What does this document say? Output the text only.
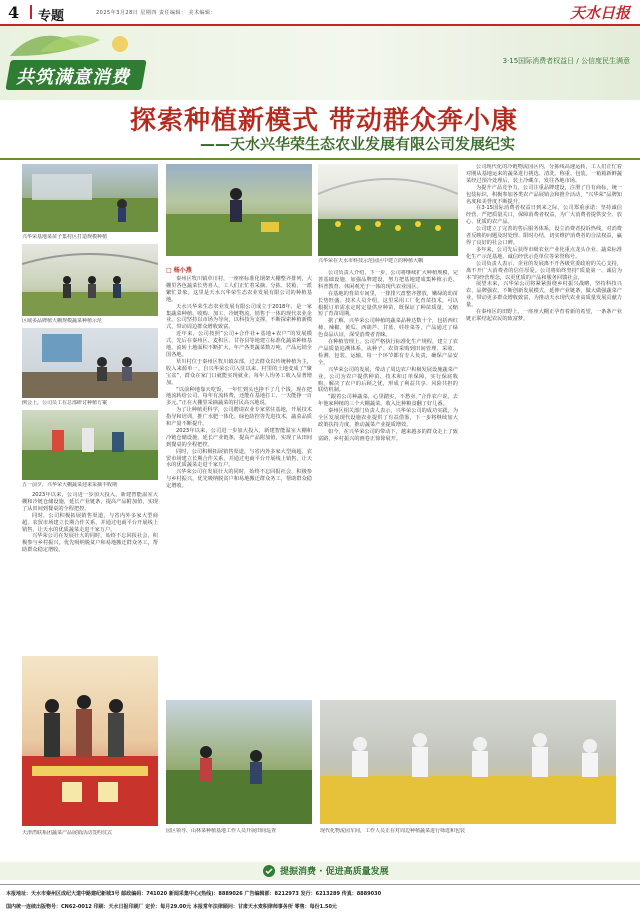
4 专题	2025年3月28日 星期四 责任编辑： 美术编辑：	天水日报
共筑满意消费
3·15国际消费者权益日 / 公信度民生满意
探索种植新模式 带动群众奔小康
——天水兴华荣生态农业发展有限公司发展纪实
兴华荣基地菜苗子集村区打造规模种植
区域多品牌植大棚规模蔬菜种植示范
例会上，公司员工在总部研讨种植方案
五一前夕，兴华荣大棚蔬菜迎来采摘丰收期
天津湾联系团蔬菜产品展销活动签约仪式
兴华荣在天水市科技示范园区中建立的种植大棚
园区领导、山林菜种植基地工作人员开展田间巡查	现代化物流园车间，工作人员正在对周边种植蔬菜进行筛选和包装
□ 杨小燕

秦州区牧川镇草川村，一座座标准化钢架大棚整齐排列，大棚里各色蔬菜长势喜人，工人们正忙着采摘、分拣、装箱，一派繁忙景象。这里是天水兴华荣生态农业发展有限公司的种植基地。

天水兴华荣生态农业发展有限公司成立于2018年，是一家集蔬菜种植、收购、加工、冷链物流、销售于一体的现代农业企业。公司坚持以市场为导向，以科技为支撑，不断探索种植新模式，带动周边群众增收致富。

近年来，公司按照“公司+合作社+基地+农户”的发展模式，先后在秦州区、麦积区、甘谷县等地建立标准化蔬菜种植基地，流转土地面积不断扩大，年产各类蔬菜数万吨，产品远销全国各地。

草川村位于秦州区牧川镇东部，过去群众以传统种植为主，收入来源单一。自兴华荣公司入驻以来，村里的土地变成了“聚宝盆”，群众在家门口就能实现就业，每年人均务工收入显著增加。

“以前种地靠天吃饭，一年忙到头也挣不了几个钱。现在把地流转给公司，每年有流转费，还能在基地打工，一天能挣一百多元。”正在大棚里采摘蔬菜的村民高兴地说。

为了让种植更科学，公司聘请农业专家常驻基地，开展技术指导和培训，推广水肥一体化、绿色防控等先进技术，蔬菜品质和产量不断提升。

2023年以来，公司进一步加大投入，新建智能温室大棚和冷链仓储设施，延长产业链条，提高产品附加值，实现了从田间到餐桌的全程把控。

同时，公司积极拓展销售渠道，与省内外多家大型商超、农贸市场建立长期合作关系，并通过电商平台开展线上销售，让天水的优质蔬菜走进千家万户。

兴华荣公司在发展壮大的同时，始终不忘回报社会，积极参与乡村振兴，优先吸纳脱贫户和易地搬迁群众务工，帮助群众稳定增收。

公司负责人介绍，下一步，公司将继续扩大种植规模，完善基础设施，加强品牌建设，努力把基地建成集种植示范、科普教育、休闲观光于一体的现代农业园区。

在基地的育苗车间里，一排排穴盘整齐摆放，嫩绿的幼苗长势旺盛。技术人员介绍，这里采用工厂化育苗技术，可以根据订单需求定时定量供应种苗，既保证了种苗质量，又缩短了育苗周期。

据了解，兴华荣公司种植的蔬菜品种达数十个，包括西红柿、辣椒、黄瓜、西葫芦、甘蓝、娃娃菜等，产品通过了绿色食品认证，深受消费者青睐。

在种植管理上，公司严格执行标准化生产规程，建立了农产品质量追溯体系，从种子、农资采购到田间管理、采收、检测、包装、运输，每一个环节都有专人负责，确保产品安全。

兴华荣公司的发展，带动了周边农户积极发展设施蔬菜产业。公司为农户提供种苗、技术和订单保障，实行保底收购，解决了农户的后顾之忧，形成了利益共享、风险共担的联结机制。

“跟着公司种蔬菜，心里踏实，不愁卖。”合作农户说，去年他家种植的三个大棚蔬菜，收入比种粮食翻了好几番。

秦州区相关部门负责人表示，兴华荣公司的成功实践，为全区发展现代设施农业提供了有益借鉴，下一步将继续加大政策扶持力度，推动蔬菜产业提质增效。

如今，在兴华荣公司的带动下，越来越多的群众走上了致富路，乡村振兴的画卷正徐徐展开。

公司现代化的冷链物流园区内，分拣线高速运转，工人们正忙着对刚从基地运来的蔬菜进行挑选、清洗、称重、包装。一箱箱新鲜蔬菜经过预冷处理后，装上冷藏车，发往各地市场。

为提升产品竞争力，公司注重品牌建设，注册了自有商标，统一包装标识，积极参加各类农产品展销会和推介活动，“兴华荣”品牌知名度和美誉度不断提升。

在3·15国际消费者权益日到来之际，公司郑重承诺：坚持诚信经营，严把质量关口，保障消费者权益，为广大消费者提供安全、放心、优质的农产品。

公司建立了完善的售后服务体系，设立消费者投诉热线，对消费者反映的问题及时处理、限时办结，切实维护消费者的合法权益，赢得了良好的社会口碑。

多年来，公司先后获得市级农业产业化重点龙头企业、蔬菜标准化生产示范基地、诚信经营示范单位等荣誉称号。

公司负责人表示，企业的发展离不开各级党委政府的关心支持，离不开广大消费者的信任厚爱。公司将始终坚持“质量第一、诚信为本”的经营理念，以更优质的产品和服务回馈社会。

展望未来，兴华荣公司将紧紧围绕乡村振兴战略，坚持科技兴农、品牌强农，不断创新发展模式，延伸产业链条，做大做强蔬菜产业，带动更多群众增收致富，为推动天水现代农业高质量发展贡献力量。

在秦州区的田野上，一座座大棚正孕育着新的希望，一条条产业链正联结起农民的致富梦。

2023年以来，公司进一步加大投入，新建智能温室大棚和冷链仓储设施，延长产业链条，提高产品附加值，实现了从田间到餐桌的全程把控。

同时，公司积极拓展销售渠道，与省内外多家大型商超、农贸市场建立长期合作关系，并通过电商平台开展线上销售，让天水的优质蔬菜走进千家万户。

兴华荣公司在发展壮大的同时，始终不忘回报社会，积极参与乡村振兴，优先吸纳脱贫户和易地搬迁群众务工，帮助群众稳定增收。

提振消费 · 促进高质量发展
本报地址：天水市秦州区成纪大道中路建纪新城3号 邮政编码：741020 新闻采集中心(热线)：8889026 广告编辑部：8212973 发行：6213289 传真：8889030
国内统一连续出版物号：CN62-0012 印刷：天水日报印刷厂 定价：每月29.00元 本报常年法律顾问：甘肃天水麦积律师事务所 零售：每份1.50元
